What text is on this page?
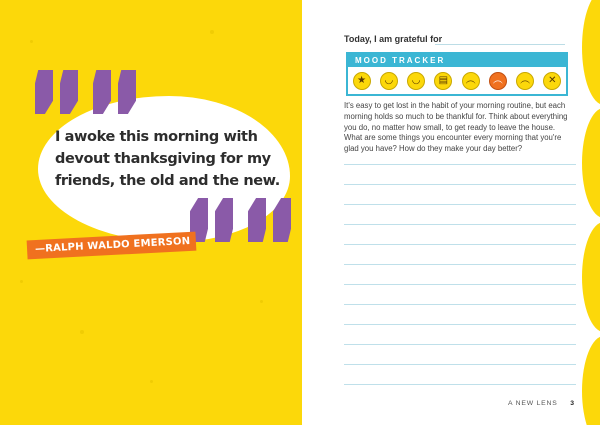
I awoke this morning with devout thanksgiving for my friends, the old and the new.
—RALPH WALDO EMERSON
Today, I am grateful for
MOOD TRACKER
★	◡	◡	▤	︵	︵	︵	✕
It's easy to get lost in the habit of your morning routine, but each morning holds so much to be thankful for. Think about everything you do, no matter how small, to get ready to leave the house. What are some things you encounter every morning that you're glad you have? How do they make your day better?
A NEW LENS 3
